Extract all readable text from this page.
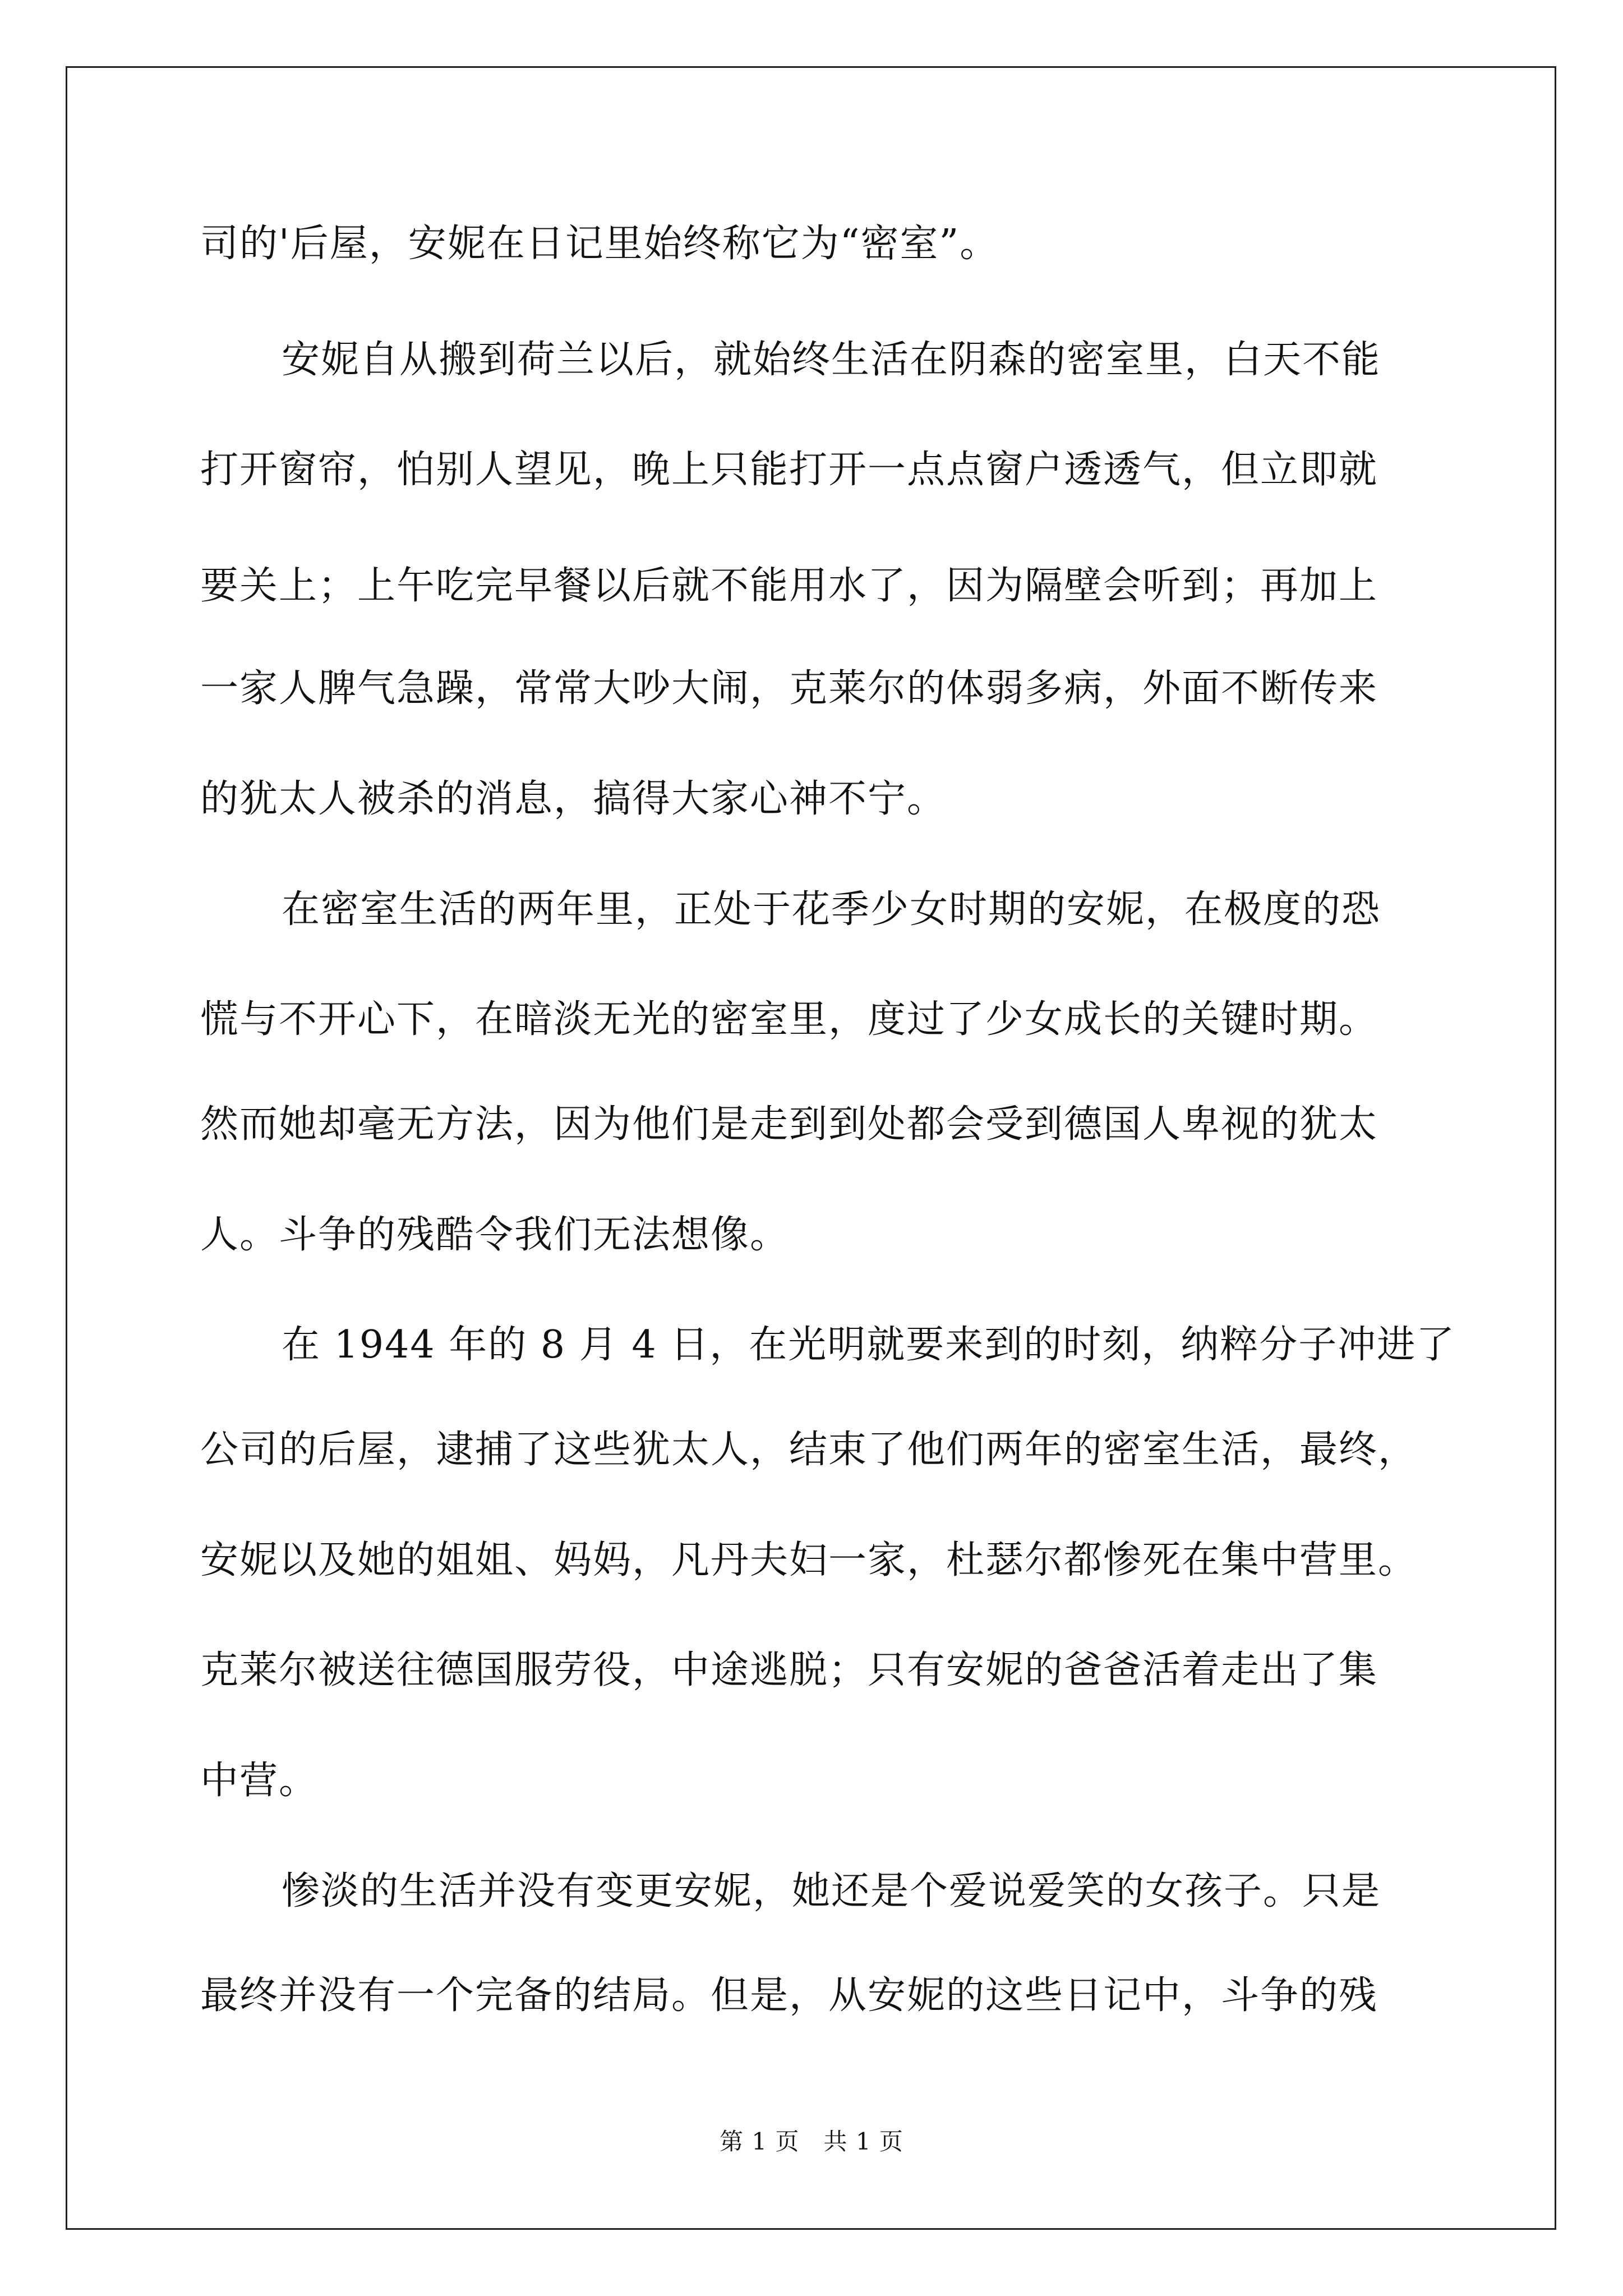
司的'后屋，安妮在日记里始终称它为“密室”。
安妮自从搬到荷兰以后，就始终生活在阴森的密室里，白天不能
打开窗帘，怕别人望见，晚上只能打开一点点窗户透透气，但立即就
要关上；上午吃完早餐以后就不能用水了，因为隔壁会听到；再加上
一家人脾气急躁，常常大吵大闹，克莱尔的体弱多病，外面不断传来
的犹太人被杀的消息，搞得大家心神不宁。
在密室生活的两年里，正处于花季少女时期的安妮，在极度的恐
慌与不开心下，在暗淡无光的密室里，度过了少女成长的关键时期。
然而她却毫无方法，因为他们是走到到处都会受到德国人卑视的犹太
人。斗争的残酷令我们无法想像。
在 1944 年的 8 月 4 日，在光明就要来到的时刻，纳粹分子冲进了
公司的后屋，逮捕了这些犹太人，结束了他们两年的密室生活，最终，
安妮以及她的姐姐、妈妈，凡丹夫妇一家，杜瑟尔都惨死在集中营里。
克莱尔被送往德国服劳役，中途逃脱；只有安妮的爸爸活着走出了集
中营。
惨淡的生活并没有变更安妮，她还是个爱说爱笑的女孩子。只是
最终并没有一个完备的结局。但是，从安妮的这些日记中，斗争的残
第 1 页　共 1 页
